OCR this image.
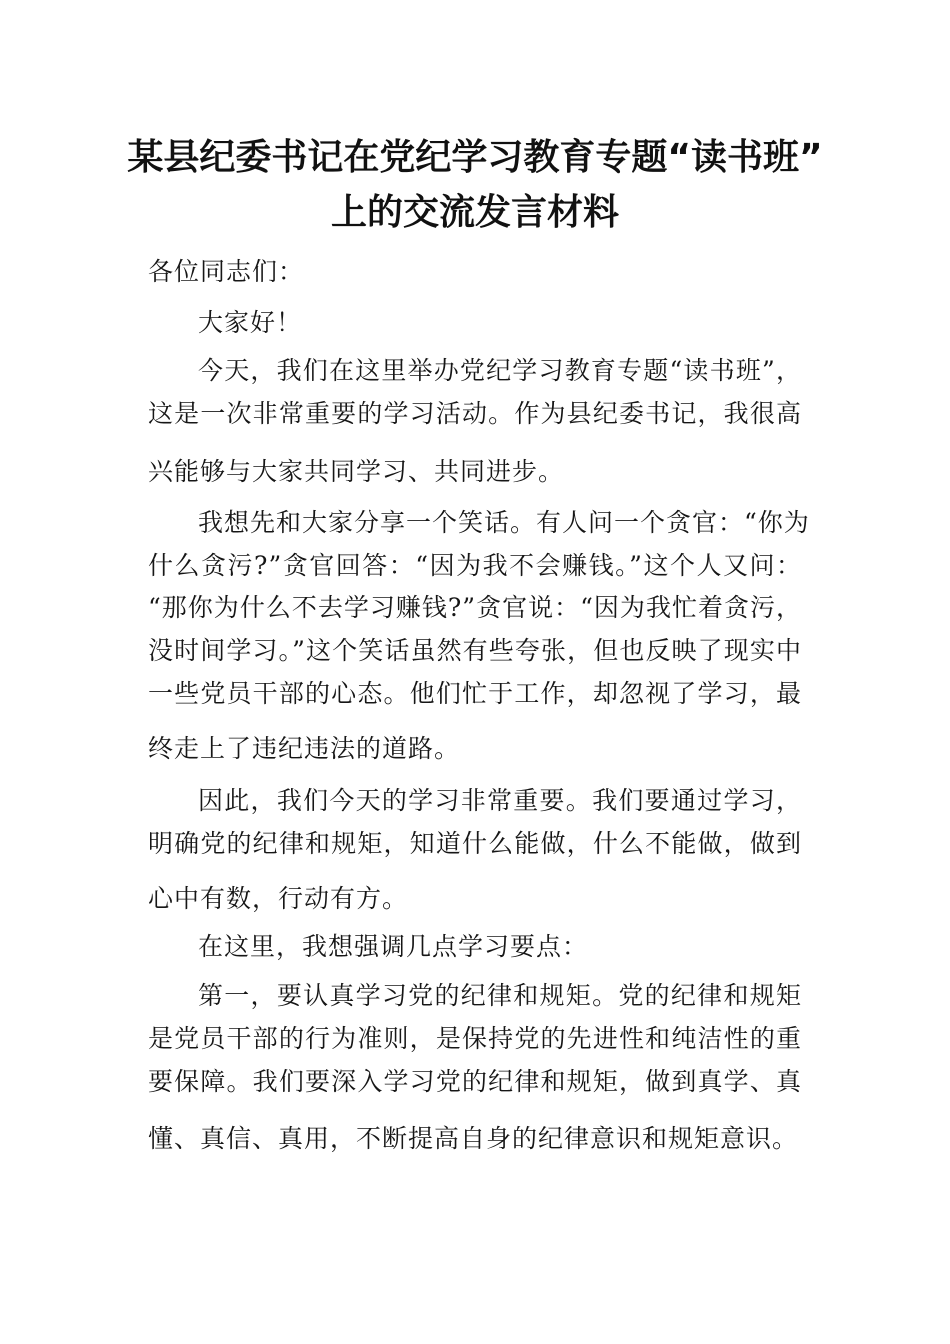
某县纪委书记在党纪学习教育专题“读书班”
上的交流发言材料
各位同志们：
大家好！
今天，我们在这里举办党纪学习教育专题“读书班”，
这是一次非常重要的学习活动。作为县纪委书记，我很高
兴能够与大家共同学习、共同进步。
我想先和大家分享一个笑话。有人问一个贪官：“你为
什么贪污?”贪官回答：“因为我不会赚钱。”这个人又问：
“那你为什么不去学习赚钱?”贪官说：“因为我忙着贪污，
没时间学习。”这个笑话虽然有些夸张，但也反映了现实中
一些党员干部的心态。他们忙于工作，却忽视了学习，最
终走上了违纪违法的道路。
因此，我们今天的学习非常重要。我们要通过学习，
明确党的纪律和规矩，知道什么能做，什么不能做，做到
心中有数，行动有方。
在这里，我想强调几点学习要点：
第一，要认真学习党的纪律和规矩。党的纪律和规矩
是党员干部的行为准则，是保持党的先进性和纯洁性的重
要保障。我们要深入学习党的纪律和规矩，做到真学、真
懂、真信、真用，不断提高自身的纪律意识和规矩意识。
